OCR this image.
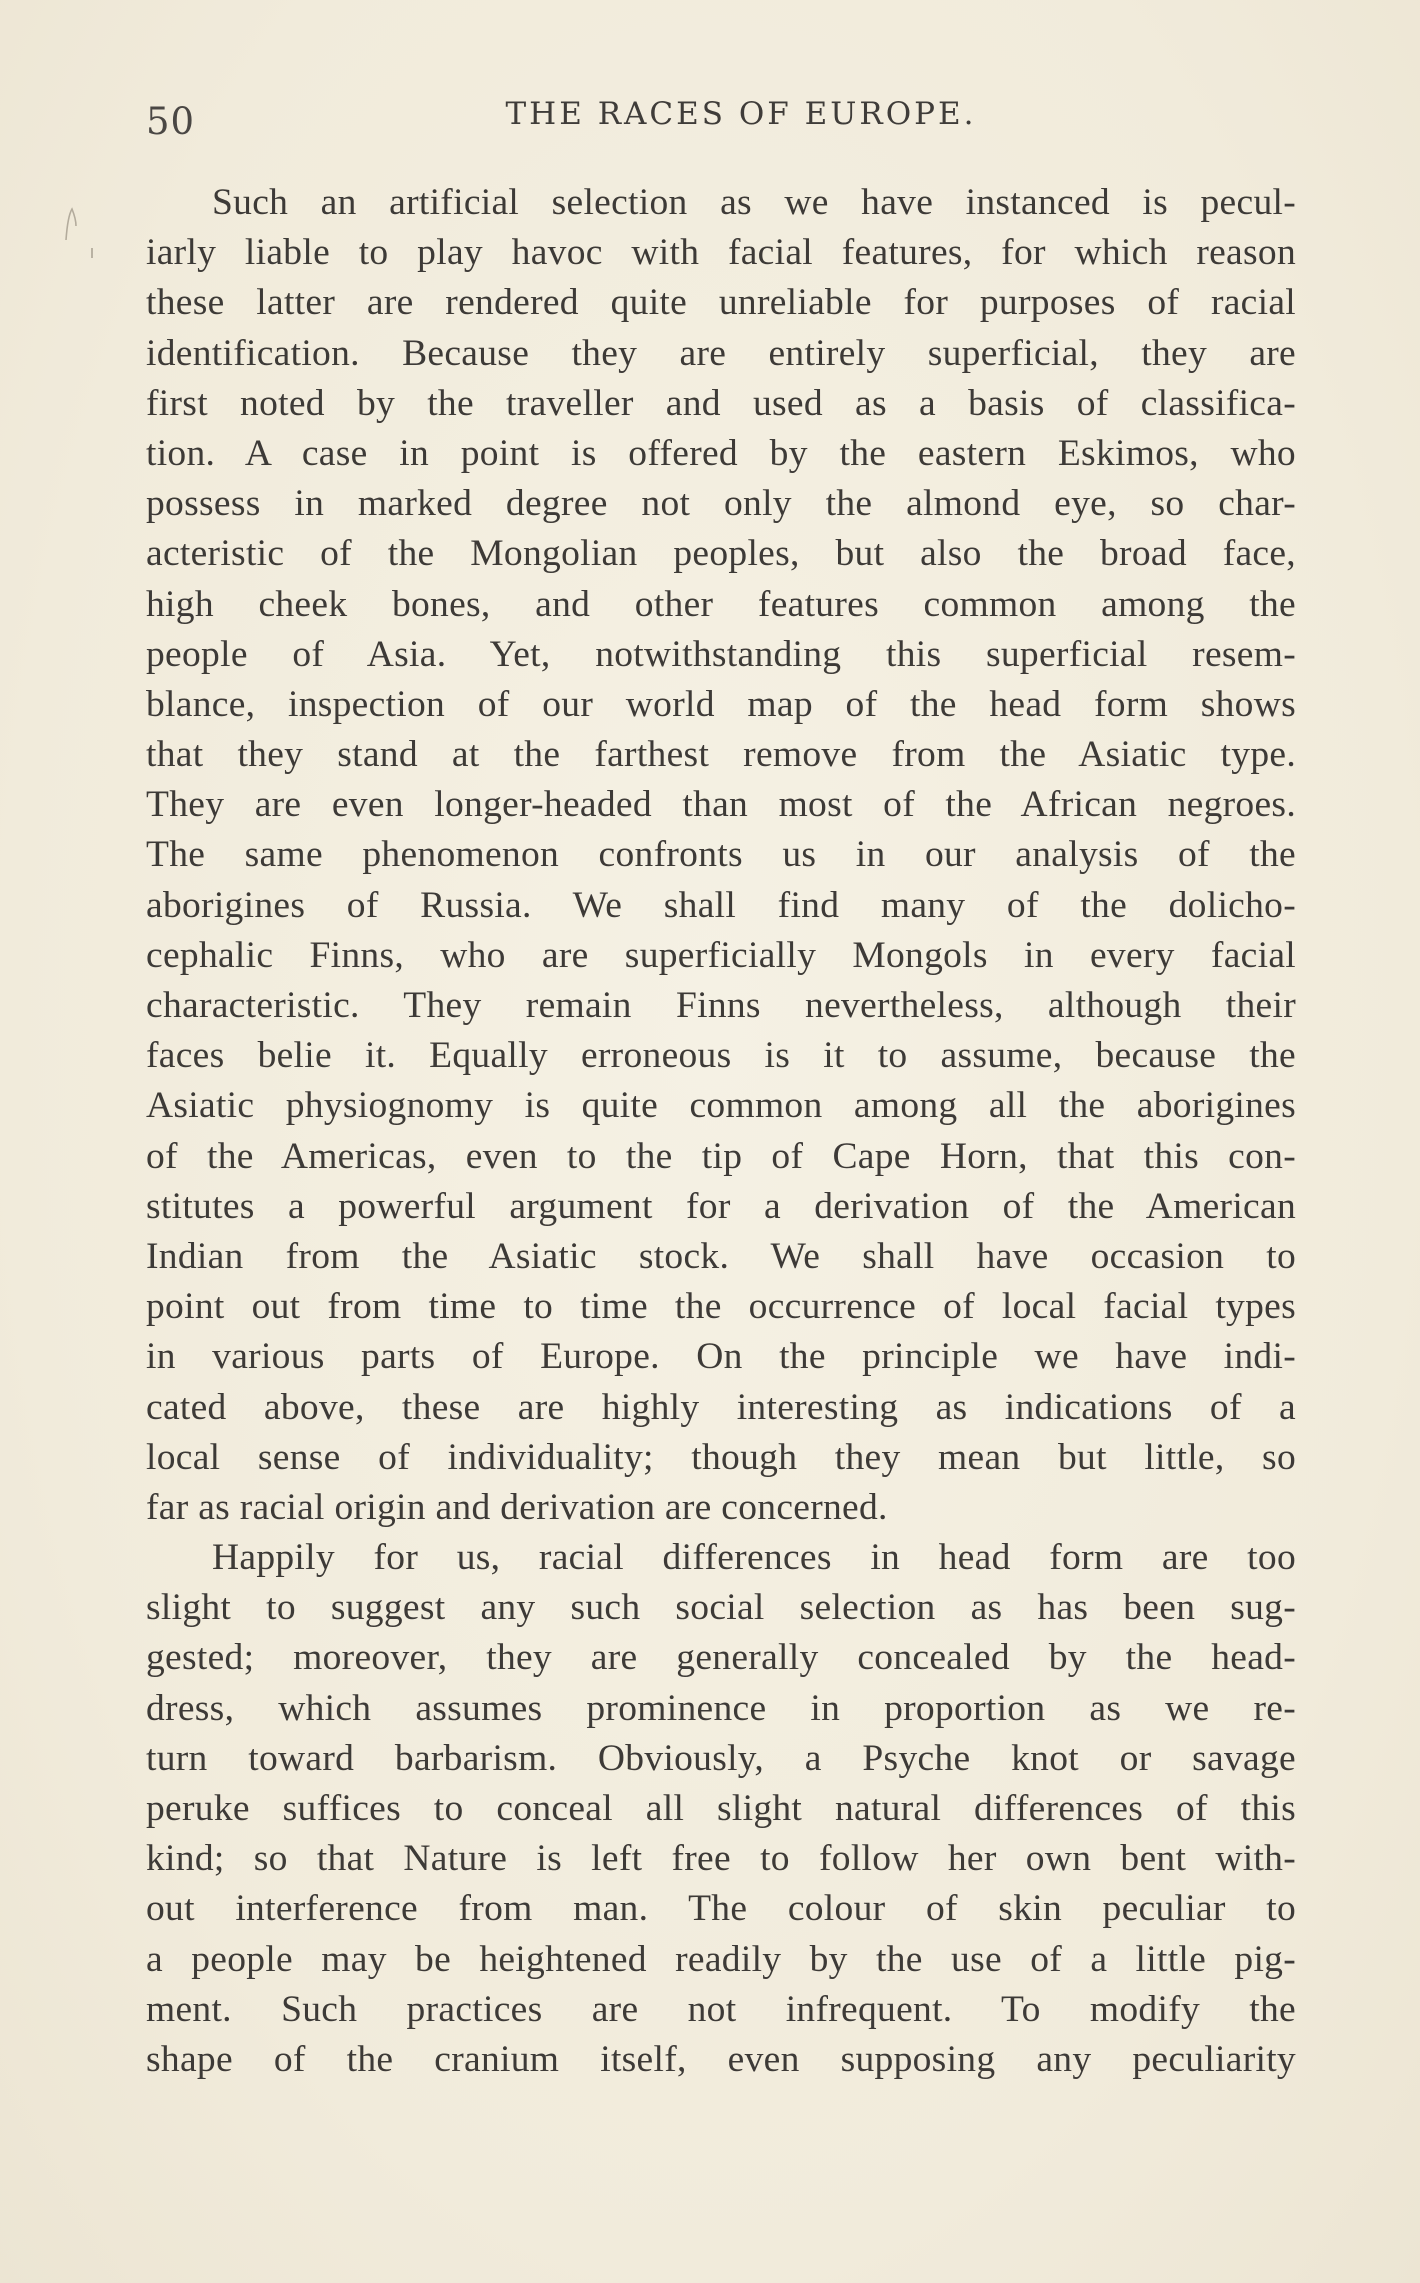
50	THE RACES OF EUROPE.
Such an artificial selection as we have instanced is pecul-
iarly liable to play havoc with facial features, for which reason
these latter are rendered quite unreliable for purposes of racial
identification. Because they are entirely superficial, they are
first noted by the traveller and used as a basis of classifica-
tion. A case in point is offered by the eastern Eskimos, who
possess in marked degree not only the almond eye, so char-
acteristic of the Mongolian peoples, but also the broad face,
high cheek bones, and other features common among the
people of Asia. Yet, notwithstanding this superficial resem-
blance, inspection of our world map of the head form shows
that they stand at the farthest remove from the Asiatic type.
They are even longer-headed than most of the African negroes.
The same phenomenon confronts us in our analysis of the
aborigines of Russia. We shall find many of the dolicho-
cephalic Finns, who are superficially Mongols in every facial
characteristic. They remain Finns nevertheless, although their
faces belie it. Equally erroneous is it to assume, because the
Asiatic physiognomy is quite common among all the aborigines
of the Americas, even to the tip of Cape Horn, that this con-
stitutes a powerful argument for a derivation of the American
Indian from the Asiatic stock. We shall have occasion to
point out from time to time the occurrence of local facial types
in various parts of Europe. On the principle we have indi-
cated above, these are highly interesting as indications of a
local sense of individuality; though they mean but little, so
far as racial origin and derivation are concerned.
Happily for us, racial differences in head form are too
slight to suggest any such social selection as has been sug-
gested; moreover, they are generally concealed by the head-
dress, which assumes prominence in proportion as we re-
turn toward barbarism. Obviously, a Psyche knot or savage
peruke suffices to conceal all slight natural differences of this
kind; so that Nature is left free to follow her own bent with-
out interference from man. The colour of skin peculiar to
a people may be heightened readily by the use of a little pig-
ment. Such practices are not infrequent. To modify the
shape of the cranium itself, even supposing any peculiarity
